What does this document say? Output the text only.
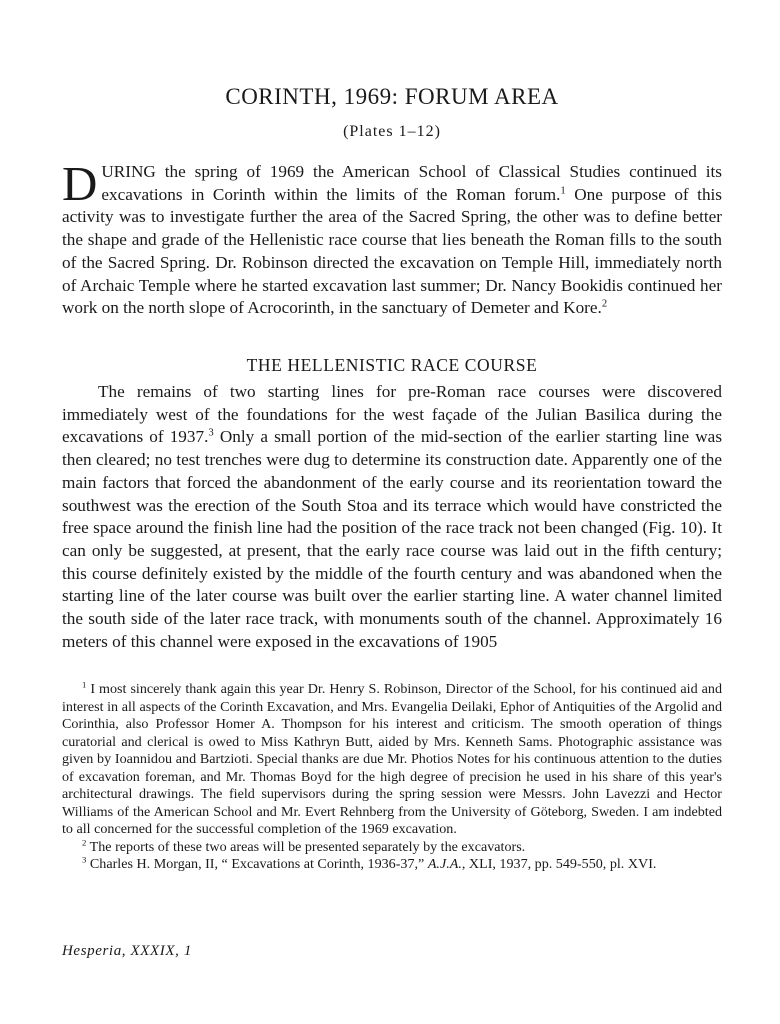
CORINTH, 1969: FORUM AREA

(Plates 1–12)

DURING the spring of 1969 the American School of Classical Studies continued its excavations in Corinth within the limits of the Roman forum.$^1$ One purpose of this activity was to investigate further the area of the Sacred Spring, the other was to define better the shape and grade of the Hellenistic race course that lies beneath the Roman fills to the south of the Sacred Spring. Dr. Robinson directed the excavation on Temple Hill, immediately north of Archaic Temple where he started excavation last summer; Dr. Nancy Bookidis continued her work on the north slope of Acrocorinth, in the sanctuary of Demeter and Kore.$^2$

THE HELLENISTIC RACE COURSE

The remains of two starting lines for pre-Roman race courses were discovered immediately west of the foundations for the west façade of the Julian Basilica during the excavations of 1937.$^3$ Only a small portion of the mid-section of the earlier starting line was then cleared; no test trenches were dug to determine its construction date. Apparently one of the main factors that forced the abandonment of the early course and its reorientation toward the southwest was the erection of the South Stoa and its terrace which would have constricted the free space around the finish line had the position of the race track not been changed (Fig. 10). It can only be suggested, at present, that the early race course was laid out in the fifth century; this course definitely existed by the middle of the fourth century and was abandoned when the starting line of the later course was built over the earlier starting line. A water channel limited the south side of the later race track, with monuments south of the channel. Approximately 16 meters of this channel were exposed in the excavations of 1905

$^1$ I most sincerely thank again this year Dr. Henry S. Robinson, Director of the School, for his continued aid and interest in all aspects of the Corinth Excavation, and Mrs. Evangelia Deilaki, Ephor of Antiquities of the Argolid and Corinthia, also Professor Homer A. Thompson for his interest and criticism. The smooth operation of things curatorial and clerical is owed to Miss Kathryn Butt, aided by Mrs. Kenneth Sams. Photographic assistance was given by Ioannidou and Bartzioti. Special thanks are due Mr. Photios Notes for his continuous attention to the duties of excavation foreman, and Mr. Thomas Boyd for the high degree of precision he used in his share of this year's architectural drawings. The field supervisors during the spring session were Messrs. John Lavezzi and Hector Williams of the American School and Mr. Evert Rehnberg from the University of Göteborg, Sweden. I am indebted to all concerned for the successful completion of the 1969 excavation.

$^2$ The reports of these two areas will be presented separately by the excavators.

$^3$ Charles H. Morgan, II, “ Excavations at Corinth, 1936-37,” A.J.A., XLI, 1937, pp. 549-550, pl. XVI.

Hesperia, XXXIX, 1
